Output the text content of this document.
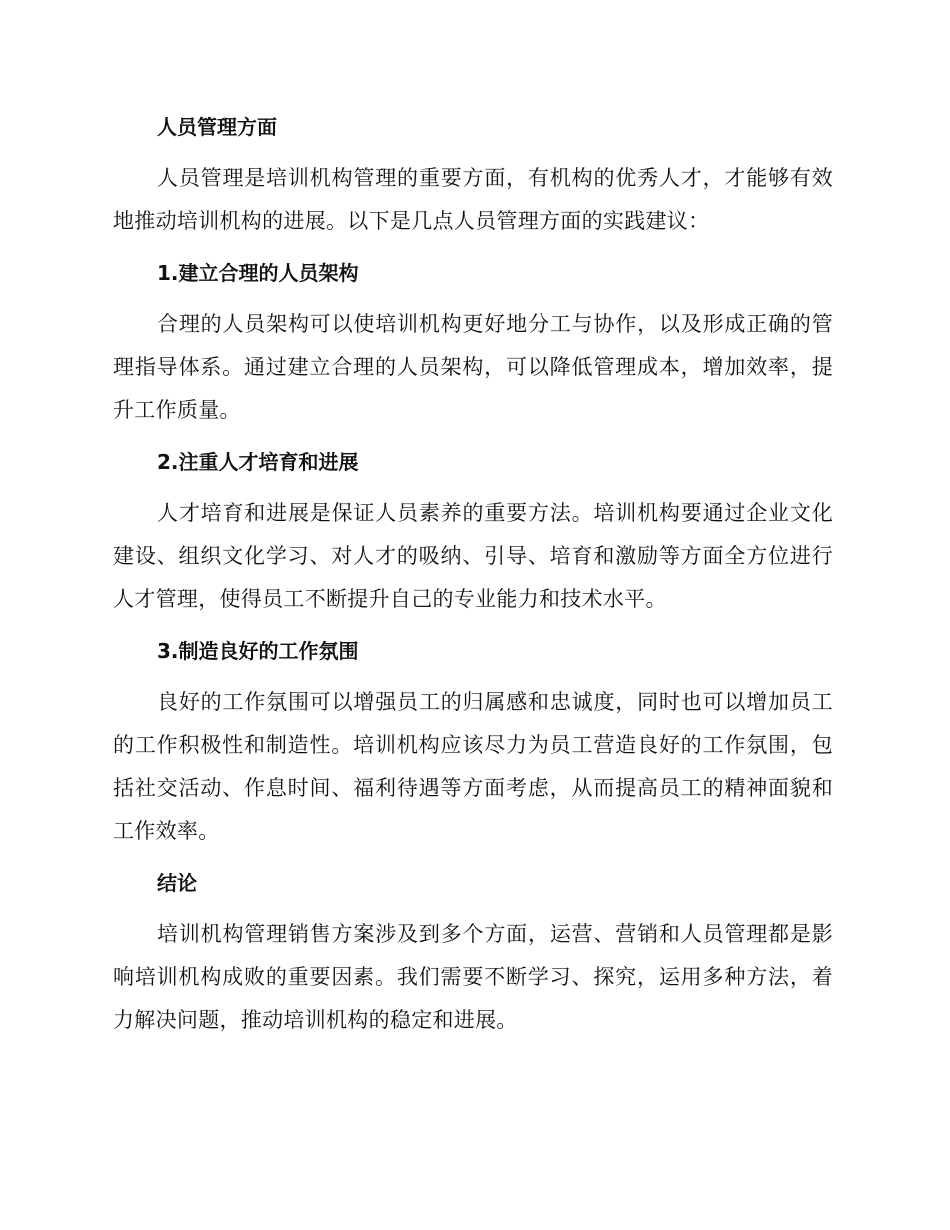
人员管理方面

人员管理是培训机构管理的重要方面，有机构的优秀人才，才能够有效地推动培训机构的进展。以下是几点人员管理方面的实践建议：

1.建立合理的人员架构

合理的人员架构可以使培训机构更好地分工与协作，以及形成正确的管理指导体系。通过建立合理的人员架构，可以降低管理成本，增加效率，提升工作质量。

2.注重人才培育和进展

人才培育和进展是保证人员素养的重要方法。培训机构要通过企业文化建设、组织文化学习、对人才的吸纳、引导、培育和激励等方面全方位进行人才管理，使得员工不断提升自己的专业能力和技术水平。

3.制造良好的工作氛围

良好的工作氛围可以增强员工的归属感和忠诚度，同时也可以增加员工的工作积极性和制造性。培训机构应该尽力为员工营造良好的工作氛围，包括社交活动、作息时间、福利待遇等方面考虑，从而提高员工的精神面貌和工作效率。

结论

培训机构管理销售方案涉及到多个方面，运营、营销和人员管理都是影响培训机构成败的重要因素。我们需要不断学习、探究，运用多种方法，着力解决问题，推动培训机构的稳定和进展。
